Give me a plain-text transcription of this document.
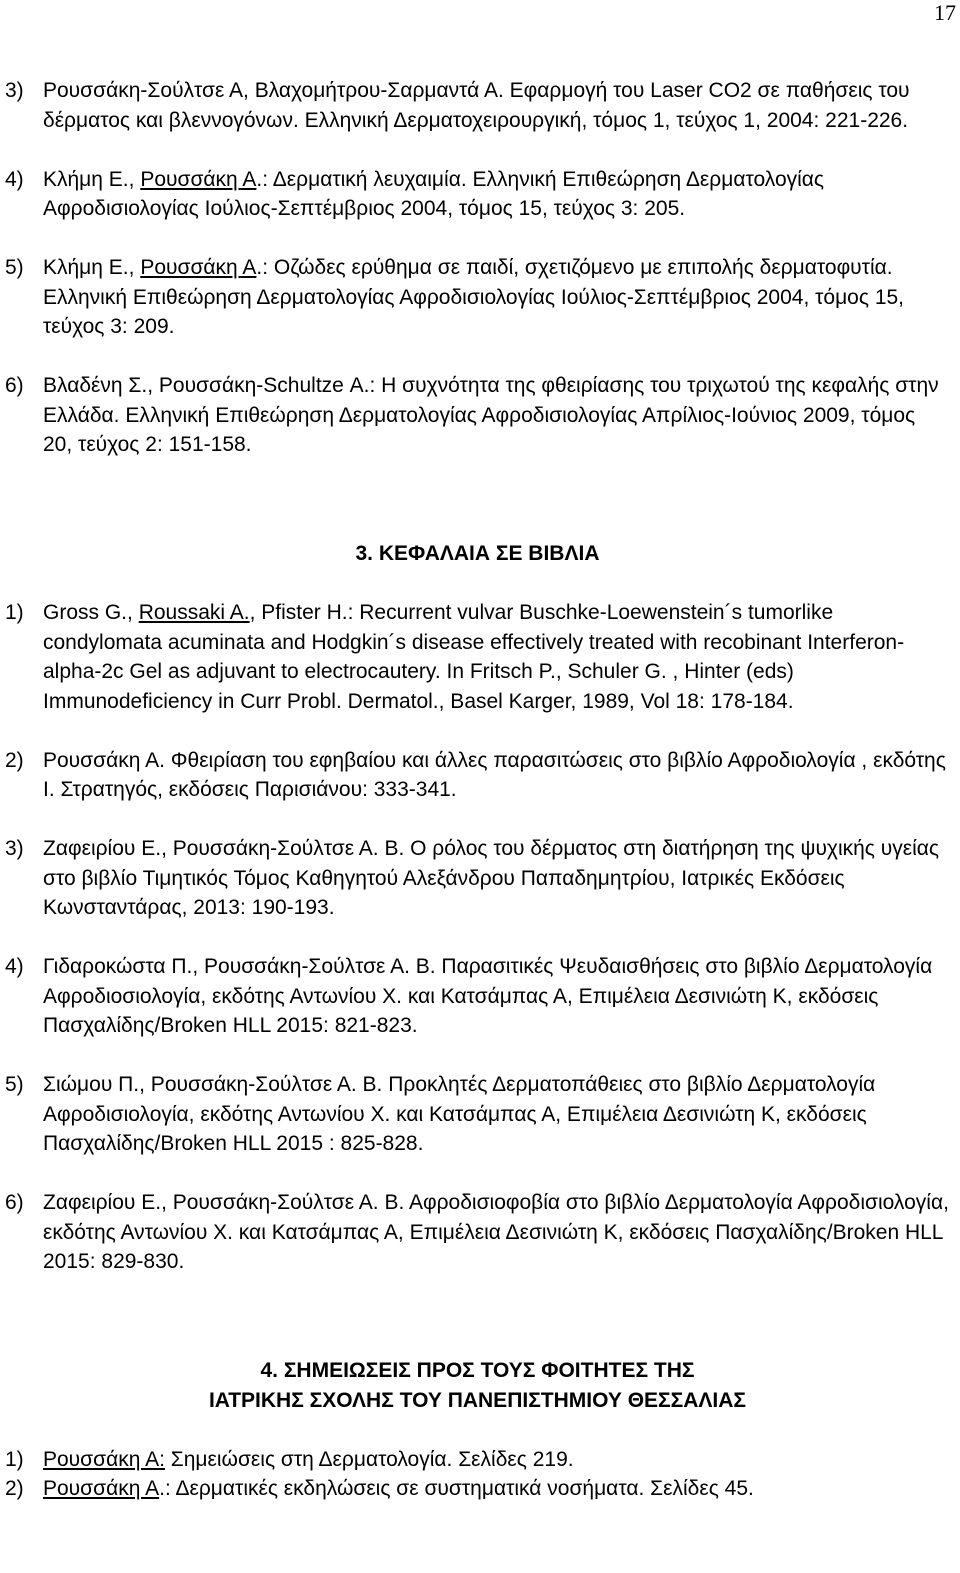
17
3) Ρουσσάκη-Σούλτσε Α, Βλαχομήτρου-Σαρμαντά Α. Εφαρμογή του Laser CO2 σε παθήσεις του δέρματος και βλεννογόνων. Ελληνική Δερματοχειρουργική, τόμος 1, τεύχος 1, 2004: 221-226.
4) Κλήμη Ε., Ρουσσάκη Α.: Δερματική λευχαιμία. Ελληνική Επιθεώρηση Δερματολογίας Αφροδισιολογίας Ιούλιος-Σεπτέμβριος 2004, τόμος 15, τεύχος 3: 205.
5) Κλήμη Ε., Ρουσσάκη Α.: Οζώδες ερύθημα σε παιδί, σχετιζόμενο με επιπολής δερματοφυτία. Ελληνική Επιθεώρηση Δερματολογίας Αφροδισιολογίας Ιούλιος-Σεπτέμβριος 2004, τόμος 15, τεύχος 3: 209.
6) Βλαδένη Σ., Ρουσσάκη-Schultze Α.: Η συχνότητα της φθειρίασης του τριχωτού της κεφαλής στην Ελλάδα. Ελληνική Επιθεώρηση Δερματολογίας Αφροδισιολογίας Απρίλιος-Ιούνιος 2009, τόμος 20, τεύχος 2: 151-158.
3. ΚΕΦΑΛΑΙΑ ΣΕ ΒΙΒΛΙΑ
1) Gross G., Roussaki A., Pfister H.: Recurrent vulvar Buschke-Loewenstein´s tumorlike condylomata acuminata and Hodgkin´s disease effectively treated with recobinant Interferon-alpha-2c Gel as adjuvant to electrocautery. In Fritsch P., Schuler G. , Hinter (eds) Immunodeficiency in Curr Probl. Dermatol., Basel Karger, 1989, Vol 18: 178-184.
2) Ρουσσάκη Α. Φθειρίαση του εφηβαίου και άλλες παρασιτώσεις στο βιβλίο Αφροδιολογία , εκδότης Ι. Στρατηγός, εκδόσεις Παρισιάνου: 333-341.
3) Ζαφειρίου Ε., Ρουσσάκη-Σούλτσε Α. Β. Ο ρόλος του δέρματος στη διατήρηση της ψυχικής υγείας στο βιβλίο Τιμητικός Τόμος Καθηγητού Αλεξάνδρου Παπαδημητρίου, Ιατρικές Εκδόσεις Κωνσταντάρας, 2013: 190-193.
4) Γιδαροκώστα Π., Ρουσσάκη-Σούλτσε Α. Β. Παρασιτικές Ψευδαισθήσεις στο βιβλίο Δερματολογία Αφροδιοσιολογία, εκδότης Αντωνίου Χ. και Κατσάμπας Α, Επιμέλεια Δεσινιώτη Κ, εκδόσεις Πασχαλίδης/Broken HLL 2015: 821-823.
5) Σιώμου Π., Ρουσσάκη-Σούλτσε Α. Β. Προκλητές Δερματοπάθειες στο βιβλίο Δερματολογία Αφροδισιολογία, εκδότης Αντωνίου Χ. και Κατσάμπας Α, Επιμέλεια Δεσινιώτη Κ, εκδόσεις Πασχαλίδης/Broken HLL 2015 : 825-828.
6) Ζαφειρίου Ε., Ρουσσάκη-Σούλτσε Α. Β. Αφροδισιοφοβία στο βιβλίο Δερματολογία Αφροδισιολογία, εκδότης Αντωνίου Χ. και Κατσάμπας Α, Επιμέλεια Δεσινιώτη Κ, εκδόσεις Πασχαλίδης/Broken HLL 2015: 829-830.
4. ΣΗΜΕΙΩΣΕΙΣ ΠΡΟΣ ΤΟΥΣ ΦΟΙΤΗΤΕΣ ΤΗΣ
ΙΑΤΡΙΚΗΣ ΣΧΟΛΗΣ ΤΟΥ ΠΑΝΕΠΙΣΤΗΜΙΟΥ ΘΕΣΣΑΛΙΑΣ
1) Ρουσσάκη Α: Σημειώσεις στη Δερματολογία. Σελίδες 219.
2) Ρουσσάκη Α.: Δερματικές εκδηλώσεις σε συστηματικά νοσήματα. Σελίδες 45.
